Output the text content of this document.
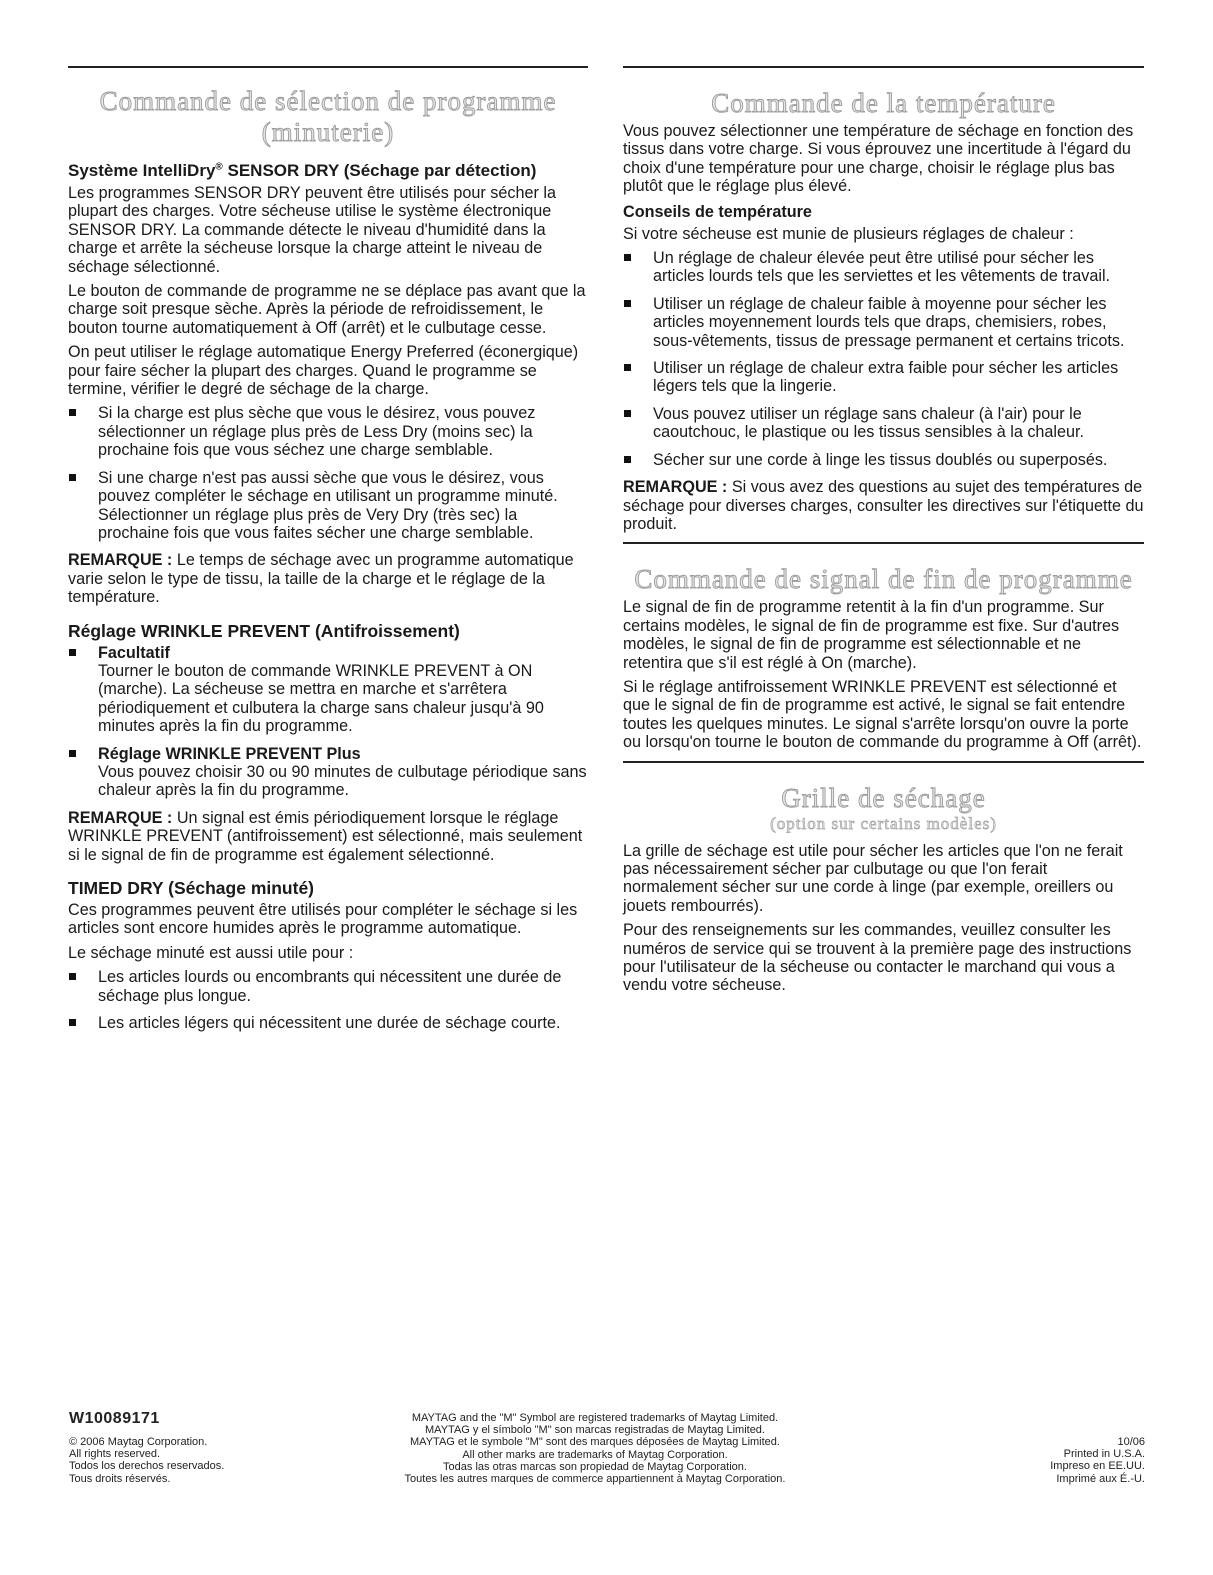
Commande de sélection de programme
(minuterie)
Système IntelliDry® SENSOR DRY (Séchage par détection)

Les programmes SENSOR DRY peuvent être utilisés pour sécher la plupart des charges. Votre sécheuse utilise le système électronique SENSOR DRY. La commande détecte le niveau d'humidité dans la charge et arrête la sécheuse lorsque la charge atteint le niveau de séchage sélectionné.

Le bouton de commande de programme ne se déplace pas avant que la charge soit presque sèche. Après la période de refroidissement, le bouton tourne automatiquement à Off (arrêt) et le culbutage cesse.

On peut utiliser le réglage automatique Energy Preferred (éconergique) pour faire sécher la plupart des charges. Quand le programme se termine, vérifier le degré de séchage de la charge.

Si la charge est plus sèche que vous le désirez, vous pouvez sélectionner un réglage plus près de Less Dry (moins sec) la prochaine fois que vous séchez une charge semblable.
Si une charge n'est pas aussi sèche que vous le désirez, vous pouvez compléter le séchage en utilisant un programme minuté. Sélectionner un réglage plus près de Very Dry (très sec) la prochaine fois que vous faites sécher une charge semblable.

REMARQUE : Le temps de séchage avec un programme automatique varie selon le type de tissu, la taille de la charge et le réglage de la température.

Réglage WRINKLE PREVENT (Antifroissement)
Facultatif
Tourner le bouton de commande WRINKLE PREVENT à ON (marche). La sécheuse se mettra en marche et s'arrêtera périodiquement et culbutera la charge sans chaleur jusqu'à 90 minutes après la fin du programme.
Réglage WRINKLE PREVENT Plus
Vous pouvez choisir 30 ou 90 minutes de culbutage périodique sans chaleur après la fin du programme.

REMARQUE : Un signal est émis périodiquement lorsque le réglage WRINKLE PREVENT (antifroissement) est sélectionné, mais seulement si le signal de fin de programme est également sélectionné.

TIMED DRY (Séchage minuté)

Ces programmes peuvent être utilisés pour compléter le séchage si les articles sont encore humides après le programme automatique.

Le séchage minuté est aussi utile pour :

Les articles lourds ou encombrants qui nécessitent une durée de séchage plus longue.
Les articles légers qui nécessitent une durée de séchage courte.
Commande de la température

Vous pouvez sélectionner une température de séchage en fonction des tissus dans votre charge. Si vous éprouvez une incertitude à l'égard du choix d'une température pour une charge, choisir le réglage plus bas plutôt que le réglage plus élevé.

Conseils de température

Si votre sécheuse est munie de plusieurs réglages de chaleur :

Un réglage de chaleur élevée peut être utilisé pour sécher les articles lourds tels que les serviettes et les vêtements de travail.
Utiliser un réglage de chaleur faible à moyenne pour sécher les articles moyennement lourds tels que draps, chemisiers, robes, sous-vêtements, tissus de pressage permanent et certains tricots.
Utiliser un réglage de chaleur extra faible pour sécher les articles légers tels que la lingerie.
Vous pouvez utiliser un réglage sans chaleur (à l'air) pour le caoutchouc, le plastique ou les tissus sensibles à la chaleur.
Sécher sur une corde à linge les tissus doublés ou superposés.

REMARQUE : Si vous avez des questions au sujet des températures de séchage pour diverses charges, consulter les directives sur l'étiquette du produit.

Commande de signal de fin de programme

Le signal de fin de programme retentit à la fin d'un programme. Sur certains modèles, le signal de fin de programme est fixe. Sur d'autres modèles, le signal de fin de programme est sélectionnable et ne retentira que s'il est réglé à On (marche).

Si le réglage antifroissement WRINKLE PREVENT est sélectionné et que le signal de fin de programme est activé, le signal se fait entendre toutes les quelques minutes. Le signal s'arrête lorsqu'on ouvre la porte ou lorsqu'on tourne le bouton de commande du programme à Off (arrêt).

Grille de séchage
(option sur certains modèles)

La grille de séchage est utile pour sécher les articles que l'on ne ferait pas nécessairement sécher par culbutage ou que l'on ferait normalement sécher sur une corde à linge (par exemple, oreillers ou jouets rembourrés).

Pour des renseignements sur les commandes, veuillez consulter les numéros de service qui se trouvent à la première page des instructions pour l'utilisateur de la sécheuse ou contacter le marchand qui vous a vendu votre sécheuse.

W10089171
© 2006 Maytag Corporation.
All rights reserved.
Todos los derechos reservados.
Tous droits réservés.
MAYTAG and the "M" Symbol are registered trademarks of Maytag Limited.
MAYTAG y el símbolo "M" son marcas registradas de Maytag Limited.
MAYTAG et le symbole "M" sont des marques déposées de Maytag Limited.
All other marks are trademarks of Maytag Corporation.
Todas las otras marcas son propiedad de Maytag Corporation.
Toutes les autres marques de commerce appartiennent à Maytag Corporation.
10/06
Printed in U.S.A.
Impreso en EE.UU.
Imprimé aux É.-U.
